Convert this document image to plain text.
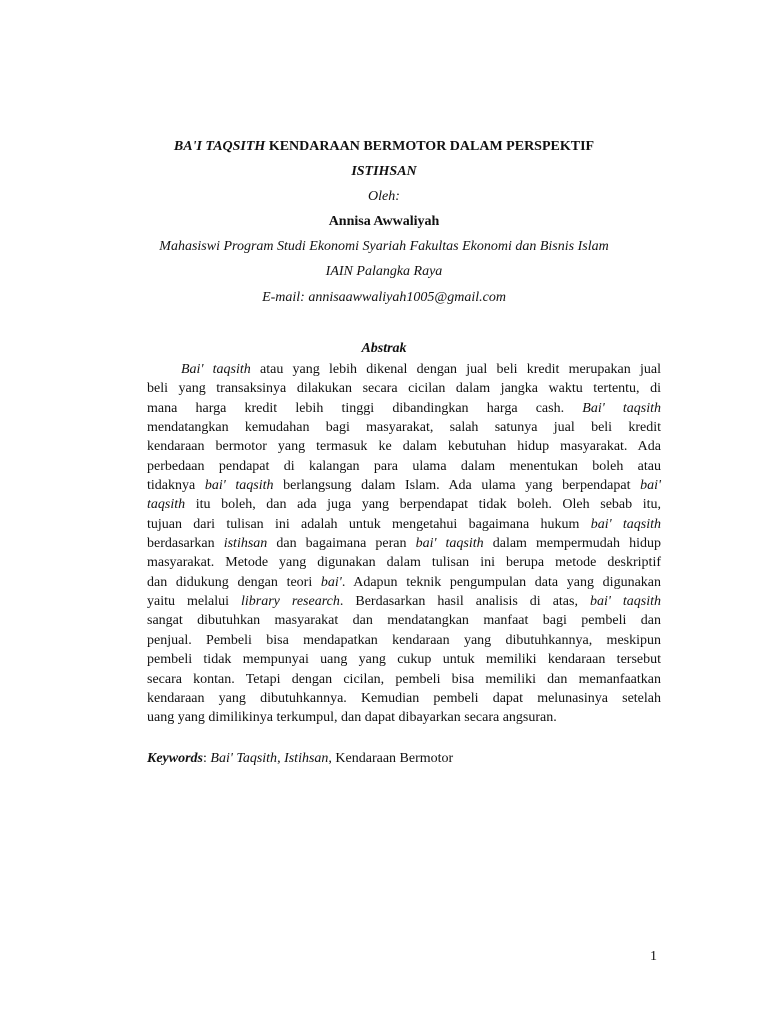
BA'I TAQSITH KENDARAAN BERMOTOR DALAM PERSPEKTIF
ISTIHSAN
Oleh:
Annisa Awwaliyah
Mahasiswi Program Studi Ekonomi Syariah Fakultas Ekonomi dan Bisnis Islam
IAIN Palangka Raya
E-mail: annisaawwaliyah1005@gmail.com
Abstrak
Bai' taqsith atau yang lebih dikenal dengan jual beli kredit merupakan jual
beli yang transaksinya dilakukan secara cicilan dalam jangka waktu tertentu, di
mana harga kredit lebih tinggi dibandingkan harga cash. Bai' taqsith
mendatangkan kemudahan bagi masyarakat, salah satunya jual beli kredit
kendaraan bermotor yang termasuk ke dalam kebutuhan hidup masyarakat. Ada
perbedaan pendapat di kalangan para ulama dalam menentukan boleh atau
tidaknya bai' taqsith berlangsung dalam Islam. Ada ulama yang berpendapat bai'
taqsith itu boleh, dan ada juga yang berpendapat tidak boleh. Oleh sebab itu,
tujuan dari tulisan ini adalah untuk mengetahui bagaimana hukum bai' taqsith
berdasarkan istihsan dan bagaimana peran bai' taqsith dalam mempermudah hidup
masyarakat. Metode yang digunakan dalam tulisan ini berupa metode deskriptif
dan didukung dengan teori bai'. Adapun teknik pengumpulan data yang digunakan
yaitu melalui library research. Berdasarkan hasil analisis di atas, bai' taqsith
sangat dibutuhkan masyarakat dan mendatangkan manfaat bagi pembeli dan
penjual. Pembeli bisa mendapatkan kendaraan yang dibutuhkannya, meskipun
pembeli tidak mempunyai uang yang cukup untuk memiliki kendaraan tersebut
secara kontan. Tetapi dengan cicilan, pembeli bisa memiliki dan memanfaatkan
kendaraan yang dibutuhkannya. Kemudian pembeli dapat melunasinya setelah
uang yang dimilikinya terkumpul, dan dapat dibayarkan secara angsuran.
Keywords: Bai' Taqsith, Istihsan, Kendaraan Bermotor
1
